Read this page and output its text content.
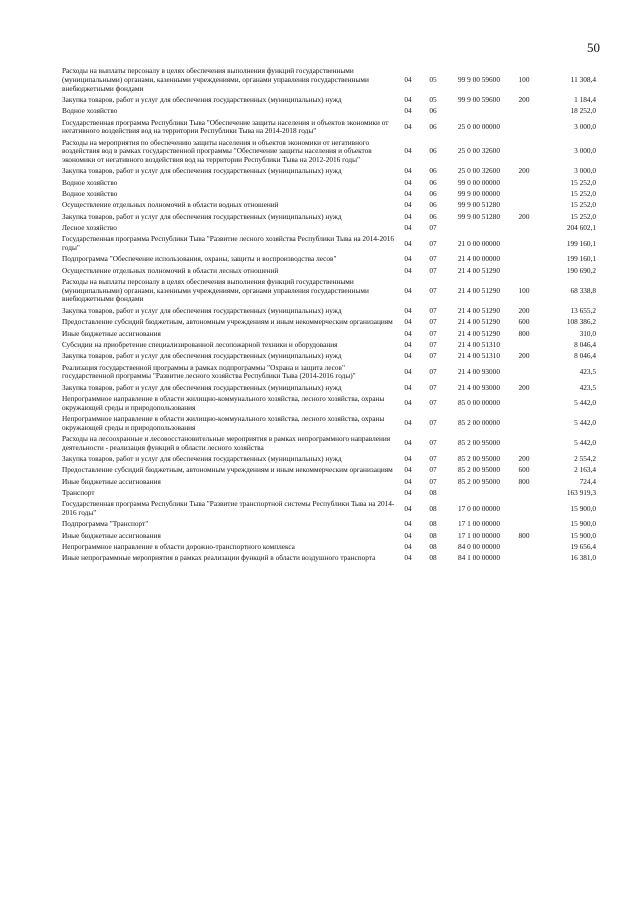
50
Расходы на выплаты персоналу в целях обеспечения выполнения функций государственными (муниципальными) органами, казенными учреждениями, органами управления государственными внебюджетными фондами	04	05	99 9 00 59600	100	11 308,4
Закупка товаров, работ и услуг для обеспечения государственных (муниципальных) нужд	04	05	99 9 00 59600	200	1 184,4
Водное хозяйство	04	06			18 252,0
Государственная программа Республики Тыва "Обеспечение защиты населения и объектов экономики от негативного воздействия вод на территории Республики Тыва на 2014-2018 годы"	04	06	25 0 00 00000		3 000,0
Расходы на мероприятия по обеспечению защиты населения и объектов экономики от негативного воздействия вод в рамках государственной программы "Обеспечение защиты населения и объектов экономики от негативного воздействия вод на территории Республики Тыва на 2012-2016 годы"	04	06	25 0 00 32600		3 000,0
Закупка товаров, работ и услуг для обеспечения государственных (муниципальных) нужд	04	06	25 0 00 32600	200	3 000,0
Водное хозяйство	04	06	99 0 00 00000		15 252,0
Водное хозяйство	04	06	99 9 00 00000		15 252,0
Осуществление отдельных полномочий в области водных отношений	04	06	99 9 00 51280		15 252,0
Закупка товаров, работ и услуг для обеспечения государственных (муниципальных) нужд	04	06	99 9 00 51280	200	15 252,0
Лесное хозяйство	04	07			204 602,1
Государственная программа Республики Тыва "Развитие лесного хозяйства Республики Тыва на 2014-2016 годы"	04	07	21 0 00 00000		199 160,1
Подпрограмма "Обеспечение использования, охраны, защиты и воспроизводства лесов"	04	07	21 4 00 00000		199 160,1
Осуществление отдельных полномочий в области лесных отношений	04	07	21 4 00 51290		190 690,2
Расходы на выплаты персоналу в целях обеспечения выполнения функций государственными (муниципальными) органами, казенными учреждениями, органами управления государственными внебюджетными фондами	04	07	21 4 00 51290	100	68 338,8
Закупка товаров, работ и услуг для обеспечения государственных (муниципальных) нужд	04	07	21 4 00 51290	200	13 655,2
Предоставление субсидий бюджетным, автономным учреждениям и иным некоммерческим организациям	04	07	21 4 00 51290	600	108 386,2
Иные бюджетные ассигнования	04	07	21 4 00 51290	800	310,0
Субсидии на приобретение специализированной лесопожарной техники и оборудования	04	07	21 4 00 51310		8 046,4
Закупка товаров, работ и услуг для обеспечения государственных (муниципальных) нужд	04	07	21 4 00 51310	200	8 046,4
Реализация государственной программы в рамках подпрограммы "Охрана и защита лесов" государственной программы "Развитие лесного хозяйства Республики Тыва (2014-2016 годы)"	04	07	21 4 00 93000		423,5
Закупка товаров, работ и услуг для обеспечения государственных (муниципальных) нужд	04	07	21 4 00 93000	200	423,5
Непрограммное направление в области жилищно-коммунального хозяйства, лесного хозяйства, охраны окружающей среды и природопользования	04	07	85 0 00 00000		5 442,0
Непрограммное направление в области жилищно-коммунального хозяйства, лесного хозяйства, охраны окружающей среды и природопользования	04	07	85 2 00 00000		5 442,0
Расходы на лесоохранные и лесовосстановительные мероприятия в рамках непрограммного направления деятельности - реализация функций в области лесного хозяйства	04	07	85 2 00 95000		5 442,0
Закупка товаров, работ и услуг для обеспечения государственных (муниципальных) нужд	04	07	85 2 00 95000	200	2 554,2
Предоставление субсидий бюджетным, автономным учреждениям и иным некоммерческим организациям	04	07	85 2 00 95000	600	2 163,4
Иные бюджетные ассигнования	04	07	85 2 00 95000	800	724,4
Транспорт	04	08			163 919,3
Государственная программа Республики Тыва "Развитие транспортной системы Республики Тыва на 2014-2016 годы"	04	08	17 0 00 00000		15 900,0
Подпрограмма "Транспорт"	04	08	17 1 00 00000		15 900,0
Иные бюджетные ассигнования	04	08	17 1 00 00000	800	15 900,0
Непрограммное направление в области дорожно-транспортного комплекса	04	08	84 0 00 00000		19 656,4
Иные непрограммные мероприятия в рамках реализации функций в области воздушного транспорта	04	08	84 1 00 00000		16 381,0
